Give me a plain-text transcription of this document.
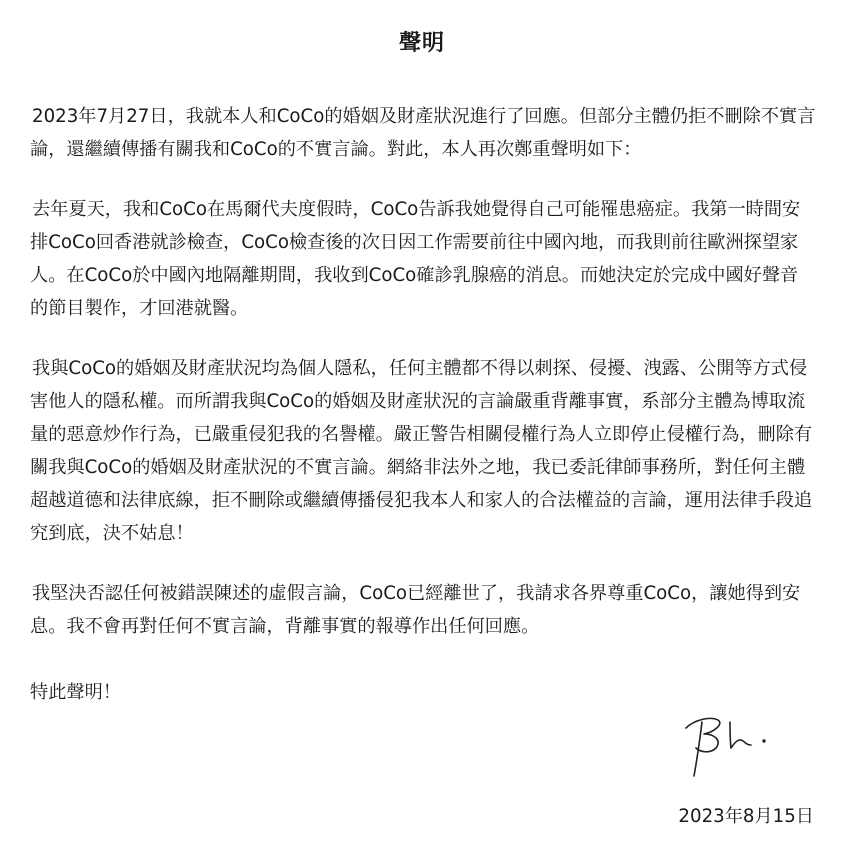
聲明

2023年7月27日，我就本人和CoCo的婚姻及財產狀況進行了回應。但部分主體仍拒不刪除不實言論，還繼續傳播有關我和CoCo的不實言論。對此，本人再次鄭重聲明如下：

去年夏天，我和CoCo在馬爾代夫度假時，CoCo告訴我她覺得自己可能罹患癌症。我第一時間安排CoCo回香港就診檢查，CoCo檢查後的次日因工作需要前往中國內地，而我則前往歐洲探望家人。在CoCo於中國內地隔離期間，我收到CoCo確診乳腺癌的消息。而她決定於完成中國好聲音的節目製作，才回港就醫。

我與CoCo的婚姻及財產狀況均為個人隱私，任何主體都不得以刺探、侵擾、洩露、公開等方式侵害他人的隱私權。而所謂我與CoCo的婚姻及財產狀況的言論嚴重背離事實，系部分主體為博取流量的惡意炒作行為，已嚴重侵犯我的名譽權。嚴正警告相關侵權行為人立即停止侵權行為，刪除有關我與CoCo的婚姻及財產狀況的不實言論。網絡非法外之地，我已委託律師事務所，對任何主體超越道德和法律底線，拒不刪除或繼續傳播侵犯我本人和家人的合法權益的言論，運用法律手段追究到底，決不姑息！

我堅決否認任何被錯誤陳述的虛假言論，CoCo已經離世了，我請求各界尊重CoCo，讓她得到安息。我不會再對任何不實言論，背離事實的報導作出任何回應。

特此聲明！

2023年8月15日
